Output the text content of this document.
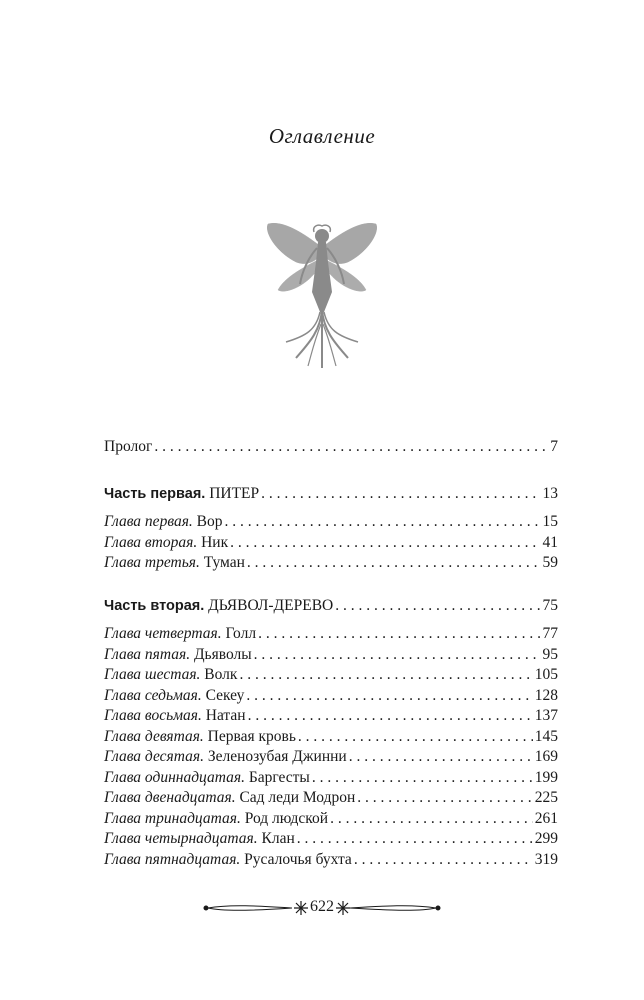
Оглавление
Пролог . . .	7
Часть первая. ПИТЕР . . .	13
Глава первая. Вор . . .	15
Глава вторая. Ник . . .	41
Глава третья. Туман . . .	59
Часть вторая. ДЬЯВОЛ-ДЕРЕВО . . .	75
Глава четвертая. Голл . . .	77
Глава пятая. Дьяволы . . .	95
Глава шестая. Волк . . .	105
Глава седьмая. Секеу . . .	128
Глава восьмая. Натан . . .	137
Глава девятая. Первая кровь . . .	145
Глава десятая. Зеленозубая Джинни . . .	169
Глава одиннадцатая. Баргесты . . .	199
Глава двенадцатая. Сад леди Модрон . . .	225
Глава тринадцатая. Род людской . . .	261
Глава четырнадцатая. Клан . . .	299
Глава пятнадцатая. Русалочья бухта . . .	319
622
